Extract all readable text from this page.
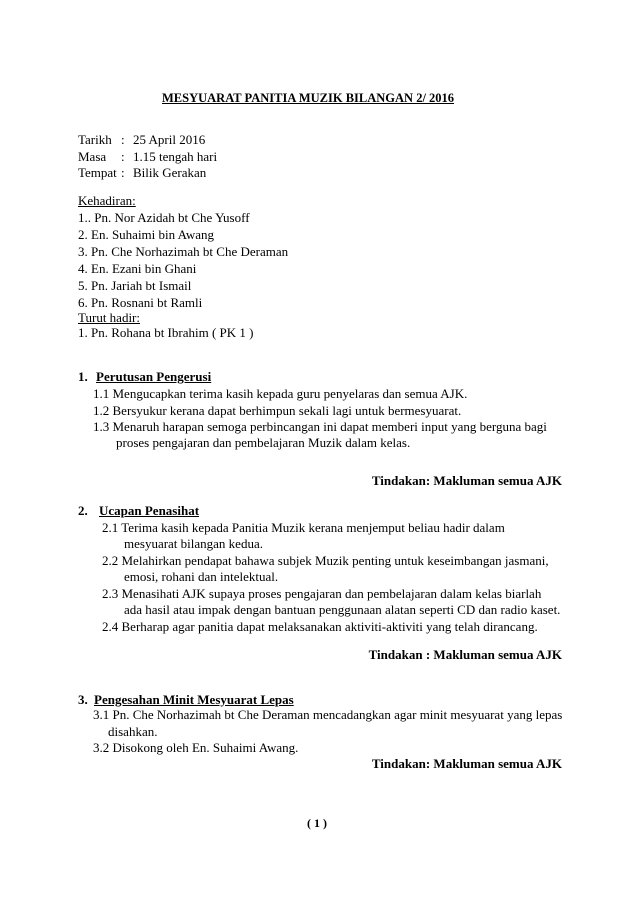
MESYUARAT PANITIA MUZIK BILANGAN 2/ 2016
Tarikh : 25 April 2016
Masa : 1.15 tengah hari
Tempat : Bilik Gerakan
Kehadiran:
1.. Pn. Nor Azidah bt Che Yusoff
2. En. Suhaimi bin Awang
3. Pn. Che Norhazimah bt Che Deraman
4. En. Ezani bin Ghani
5. Pn. Jariah bt Ismail
6. Pn. Rosnani bt Ramli
Turut hadir:
1. Pn. Rohana bt Ibrahim ( PK 1 )
1. Perutusan Pengerusi
1.1 Mengucapkan terima kasih kepada guru penyelaras dan semua AJK.
1.2 Bersyukur kerana dapat berhimpun sekali lagi untuk bermesyuarat.
1.3 Menaruh harapan semoga perbincangan ini dapat memberi input yang berguna bagi
proses pengajaran dan pembelajaran Muzik dalam kelas.
Tindakan: Makluman semua AJK
2. Ucapan Penasihat
2.1 Terima kasih kepada Panitia Muzik kerana menjemput beliau hadir dalam
mesyuarat bilangan kedua.
2.2 Melahirkan pendapat bahawa subjek Muzik penting untuk keseimbangan jasmani,
emosi, rohani dan intelektual.
2.3 Menasihati AJK supaya proses pengajaran dan pembelajaran dalam kelas biarlah
ada hasil atau impak dengan bantuan penggunaan alatan seperti CD dan radio kaset.
2.4 Berharap agar panitia dapat melaksanakan aktiviti-aktiviti yang telah dirancang.
Tindakan : Makluman semua AJK
3. Pengesahan Minit Mesyuarat Lepas
3.1 Pn. Che Norhazimah bt Che Deraman mencadangkan agar minit mesyuarat yang lepas
disahkan.
3.2 Disokong oleh En. Suhaimi Awang.
Tindakan: Makluman semua AJK
( 1 )
